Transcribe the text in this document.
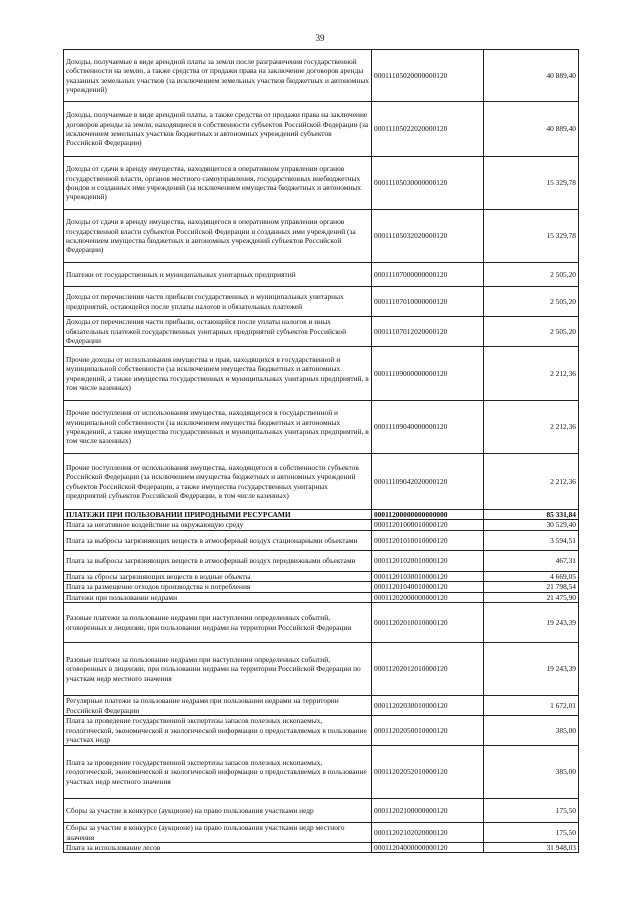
39
Доходы, получаемые в виде арендной платы за земли после разграничения государственной собственности на землю, а также средства от продажи права на заключение договоров аренды указанных земельных участков (за исключением земельных участков бюджетных и автономных учреждений)	00011105020000000120	40 889,40
Доходы, получаемые в виде арендной платы, а также средства от продажи права на заключение договоров аренды за земли, находящиеся в собственности субъектов Российской Федерации (за исключением земельных участков бюджетных и автономных учреждений субъектов Российской Федерации)	00011105022020000120	40 889,40
Доходы от сдачи в аренду имущества, находящегося в оперативном управлении органов государственной власти, органов местного самоуправления, государственных внебюджетных фондов и созданных ими учреждений (за исключением имущества бюджетных и автономных учреждений)	00011105030000000120	15 329,78
Доходы от сдачи в аренду имущества, находящегося в оперативном управлении органов государственной власти субъектов Российской Федерации и созданных ими учреждений (за исключением имущества бюджетных и автономных учреждений субъектов Российской Федерации)	00011105032020000120	15 329,78
Платежи от государственных и муниципальных унитарных предприятий	00011107000000000120	2 505,20
Доходы от перечисления части прибыли государственных и муниципальных унитарных предприятий, остающейся после уплаты налогов и обязательных платежей	00011107010000000120	2 505,20
Доходы от перечисления части прибыли, остающейся после уплаты налогов и иных обязательных платежей государственных унитарных предприятий субъектов Российской Федерации	00011107012020000120	2 505,20
Прочие доходы от использования имущества и прав, находящихся в государственной и муниципальной собственности (за исключением имущества бюджетных и автономных учреждений, а также имущества государственных и муниципальных унитарных предприятий, в том числе казенных)	00011109000000000120	2 212,36
Прочие поступления от использования имущества, находящегося в государственной и муниципальной собственности (за исключением имущества бюджетных и автономных учреждений, а также имущества государственных и муниципальных унитарных предприятий, в том числе казенных)	00011109040000000120	2 212,36
Прочие поступления от использования имущества, находящегося в собственности субъектов Российской Федерации (за исключением имущества бюджетных и автономных учреждений субъектов Российской Федерации, а также имущества государственных унитарных предприятий субъектов Российской Федерации, в том числе казенных)	00011109042020000120	2 212,36
ПЛАТЕЖИ ПРИ ПОЛЬЗОВАНИИ ПРИРОДНЫМИ РЕСУРСАМИ	00011200000000000000	85 331,84
Плата за негативное воздействие на окружающую среду	00011201000010000120	30 529,40
Плата за выбросы загрязняющих веществ в атмосферный воздух стационарными объектами	00011201010010000120	3 594,51
Плата за выбросы загрязняющих веществ в атмосферный воздух передвижными объектами	00011201020010000120	467,31
Плата за сбросы загрязняющих веществ в водные объекты	00011201030010000120	4 669,05
Плата за размещение отходов производства и потребления	00011201040010000120	21 798,54
Платежи при пользовании недрами	00011202000000000120	21 475,90
Разовые платежи за пользование недрами при наступлении определенных событий, оговоренных в лицензии, при пользовании недрами на территории Российской Федерации	00011202010010000120	19 243,39
Разовые платежи за пользование недрами при наступлении определенных событий, оговоренных в лицензии, при пользовании недрами на территории Российской Федерации по участкам недр местного значения	00011202012010000120	19 243,39
Регулярные платежи за пользование недрами при пользовании недрами на территории Российской Федерации	00011202030010000120	1 672,01
Плата за проведение государственной экспертизы запасов полезных ископаемых, геологической, экономической и экологической информации о предоставляемых в пользование участках недр	00011202050010000120	385,00
Плата за проведение государственной экспертизы запасов полезных ископаемых, геологической, экономической и экологической информации о предоставляемых в пользование участках недр местного значения	00011202052010000120	385,00
Сборы за участие в конкурсе (аукционе) на право пользования участками недр	00011202100000000120	175,50
Сборы за участие в конкурсе (аукционе) на право пользования участками недр местного значения	00011202102020000120	175,50
Плата за использование лесов	00011204000000000120	31 948,03
